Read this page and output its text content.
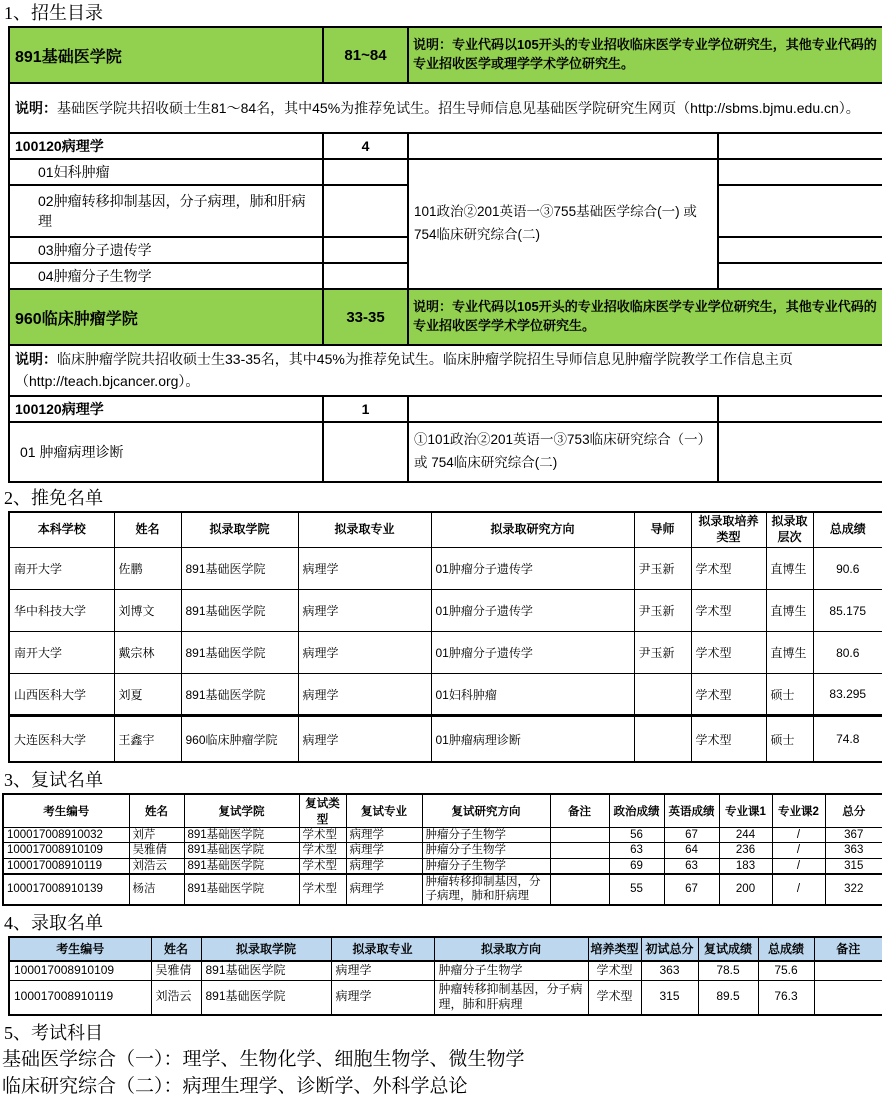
1、招生目录
891基础医学院	81~84	说明：专业代码以105开头的专业招收临床医学专业学位研究生，其他专业代码的专业招收医学或理学学术学位研究生。	
说明：基础医学院共招收硕士生81～84名，其中45%为推荐免试生。招生导师信息见基础医学院研究生网页（http://sbms.bjmu.edu.cn）。			
100120病理学	4		
01妇科肿瘤		101政治②201英语一③755基础医学综合(一) 或 754临床研究综合(二)	
02肿瘤转移抑制基因，分子病理，肺和肝病理			
03肿瘤分子遗传学			
04肿瘤分子生物学			
960临床肿瘤学院	33-35	说明：专业代码以105开头的专业招收临床医学专业学位研究生，其他专业代码的专业招收医学学术学位研究生。	
说明：临床肿瘤学院共招收硕士生33-35名，其中45%为推荐免试生。临床肿瘤学院招生导师信息见肿瘤学院教学工作信息主页（http://teach.bjcancer.org）。			
100120病理学	1		
01 肿瘤病理诊断		①101政治②201英语一③753临床研究综合（一） 或 754临床研究综合(二)	
2、推免名单
本科学校	姓名	拟录取学院	拟录取专业	拟录取研究方向	导师	拟录取培养类型	拟录取层次	总成绩
南开大学	佐鹏	891基础医学院	病理学	01肿瘤分子遗传学	尹玉新	学术型	直博生	90.6
华中科技大学	刘博文	891基础医学院	病理学	01肿瘤分子遗传学	尹玉新	学术型	直博生	85.175
南开大学	戴宗林	891基础医学院	病理学	01肿瘤分子遗传学	尹玉新	学术型	直博生	80.6
山西医科大学	刘夏	891基础医学院	病理学	01妇科肿瘤		学术型	硕士	83.295
大连医科大学	王鑫宇	960临床肿瘤学院	病理学	01肿瘤病理诊断		学术型	硕士	74.8
3、复试名单
考生编号	姓名	复试学院	复试类型	复试专业	复试研究方向	备注	政治成绩	英语成绩	专业课1	专业课2	总分
100017008910032	刘芹	891基础医学院	学术型	病理学	肿瘤分子生物学		56	67	244	/	367
100017008910109	吴雅倩	891基础医学院	学术型	病理学	肿瘤分子生物学		63	64	236	/	363
100017008910119	刘浩云	891基础医学院	学术型	病理学	肿瘤分子生物学		69	63	183	/	315
100017008910139	杨洁	891基础医学院	学术型	病理学	肿瘤转移抑制基因，分子病理，肺和肝病理		55	67	200	/	322
4、录取名单
考生编号	姓名	拟录取学院	拟录取专业	拟录取方向	培养类型	初试总分	复试成绩	总成绩	备注
100017008910109	吴雅倩	891基础医学院	病理学	肿瘤分子生物学	学术型	363	78.5	75.6	
100017008910119	刘浩云	891基础医学院	病理学	肿瘤转移抑制基因，分子病理，肺和肝病理	学术型	315	89.5	76.3	
5、考试科目
基础医学综合（一）：理学、生物化学、细胞生物学、微生物学
临床研究综合（二）：病理生理学、诊断学、外科学总论
